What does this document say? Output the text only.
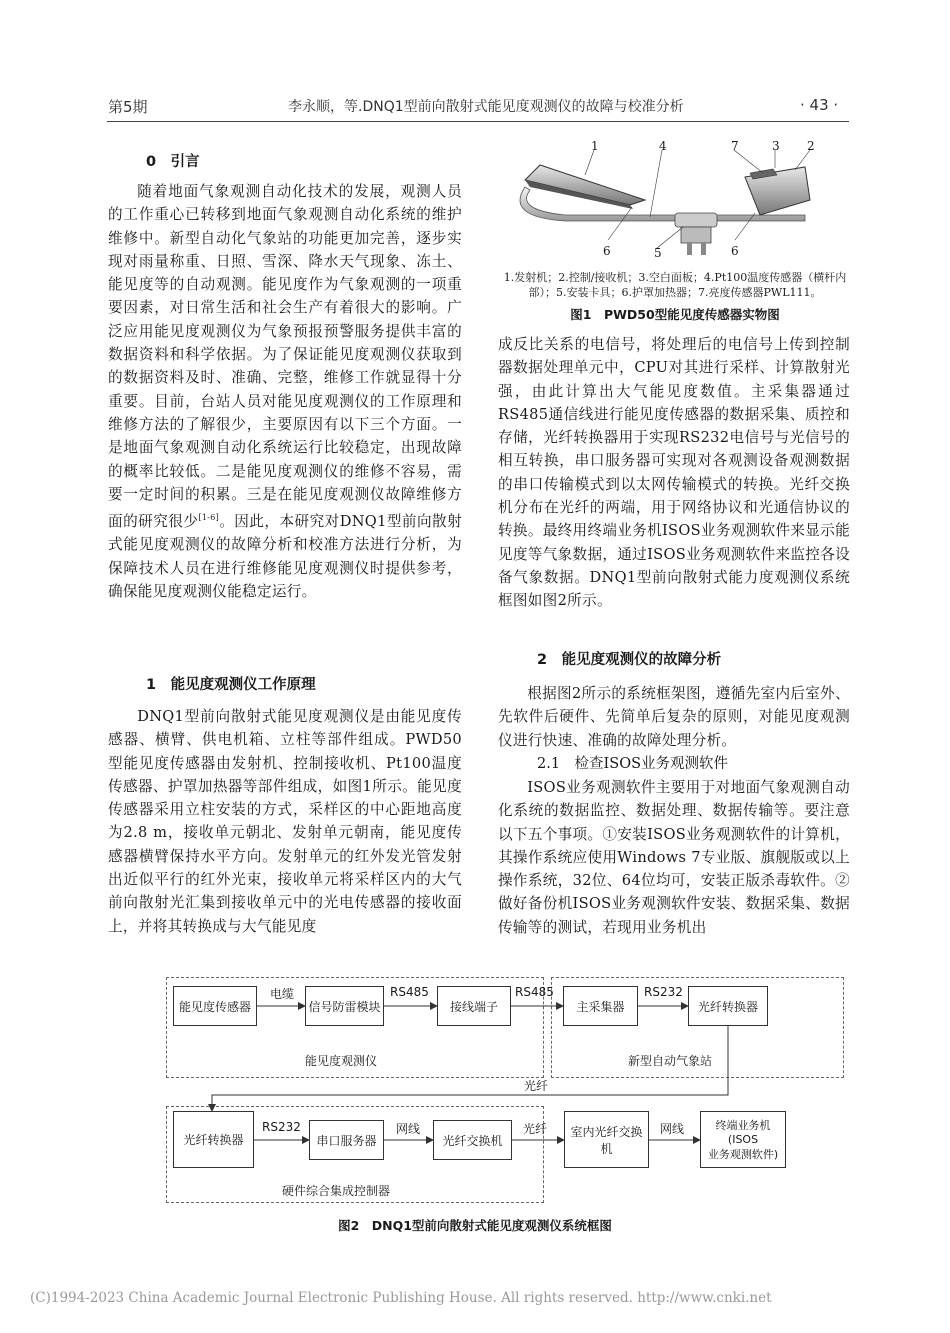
第5期	李永顺，等.DNQ1型前向散射式能见度观测仪的故障与校准分析	· 43 ·
0　引言

随着地面气象观测自动化技术的发展，观测人员的工作重心已转移到地面气象观测自动化系统的维护维修中。新型自动化气象站的功能更加完善，逐步实现对雨量称重、日照、雪深、降水天气现象、冻土、能见度等的自动观测。能见度作为气象观测的一项重要因素，对日常生活和社会生产有着很大的影响。广泛应用能见度观测仪为气象预报预警服务提供丰富的数据资料和科学依据。为了保证能见度观测仪获取到的数据资料及时、准确、完整，维修工作就显得十分重要。目前，台站人员对能见度观测仪的工作原理和维修方法的了解很少，主要原因有以下三个方面。一是地面气象观测自动化系统运行比较稳定，出现故障的概率比较低。二是能见度观测仪的维修不容易，需要一定时间的积累。三是在能见度观测仪故障维修方面的研究很少[1-6]。因此，本研究对DNQ1型前向散射式能见度观测仪的故障分析和校准方法进行分析，为保障技术人员在进行维修能见度观测仪时提供参考，确保能见度观测仪能稳定运行。

1　能见度观测仪工作原理

DNQ1型前向散射式能见度观测仪是由能见度传感器、横臂、供电机箱、立柱等部件组成。PWD50型能见度传感器由发射机、控制接收机、Pt100温度传感器、护罩加热器等部件组成，如图1所示。能见度传感器采用立柱安装的方式，采样区的中心距地高度为2.8 m，接收单元朝北、发射单元朝南，能见度传感器横臂保持水平方向。发射单元的红外发光管发射出近似平行的红外光束，接收单元将采样区内的大气前向散射光汇集到接收单元中的光电传感器的接收面上，并将其转换成与大气能见度

1	4	7	3 2
6	5	6
1.发射机；2.控制/接收机；3.空白面板；4.Pt100温度传感器（横杆内
部）；5.安装卡具；6.护罩加热器；7.亮度传感器PWL111。
图1　PWD50型能见度传感器实物图

成反比关系的电信号，将处理后的电信号上传到控制器数据处理单元中，CPU对其进行采样、计算散射光强，由此计算出大气能见度数值。主采集器通过RS485通信线进行能见度传感器的数据采集、质控和存储，光纤转换器用于实现RS232电信号与光信号的相互转换，串口服务器可实现对各观测设备观测数据的串口传输模式到以太网传输模式的转换。光纤交换机分布在光纤的两端，用于网络协议和光通信协议的转换。最终用终端业务机ISOS业务观测软件来显示能见度等气象数据，通过ISOS业务观测软件来监控各设备气象数据。DNQ1型前向散射式能力度观测仪系统框图如图2所示。

2　能见度观测仪的故障分析

根据图2所示的系统框架图，遵循先室内后室外、先软件后硬件、先简单后复杂的原则，对能见度观测仪进行快速、准确的故障处理分析。

2.1　检查ISOS业务观测软件

ISOS业务观测软件主要用于对地面气象观测自动化系统的数据监控、数据处理、数据传输等。要注意以下五个事项。①安装ISOS业务观测软件的计算机，其操作系统应使用Windows 7专业版、旗舰版或以上操作系统，32位、64位均可，安装正版杀毒软件。②做好备份机ISOS业务观测软件安装、数据采集、数据传输等的测试，若现用业务机出

能见度传感器	信号防雷模块	接线端子	主采集器	光纤转换器
光纤转换器	串口服务器	光纤交换机
室内光纤交换机
终端业务机(ISOS
业务观测软件)
电缆	RS485	RS485	RS232
RS232	网线	光纤	网线
能见度观测仪	新型自动气象站
光纤
硬件综合集成控制器
图2　DNQ1型前向散射式能见度观测仪系统框图
(C)1994-2023 China Academic Journal Electronic Publishing House. All rights reserved. http://www.cnki.net
